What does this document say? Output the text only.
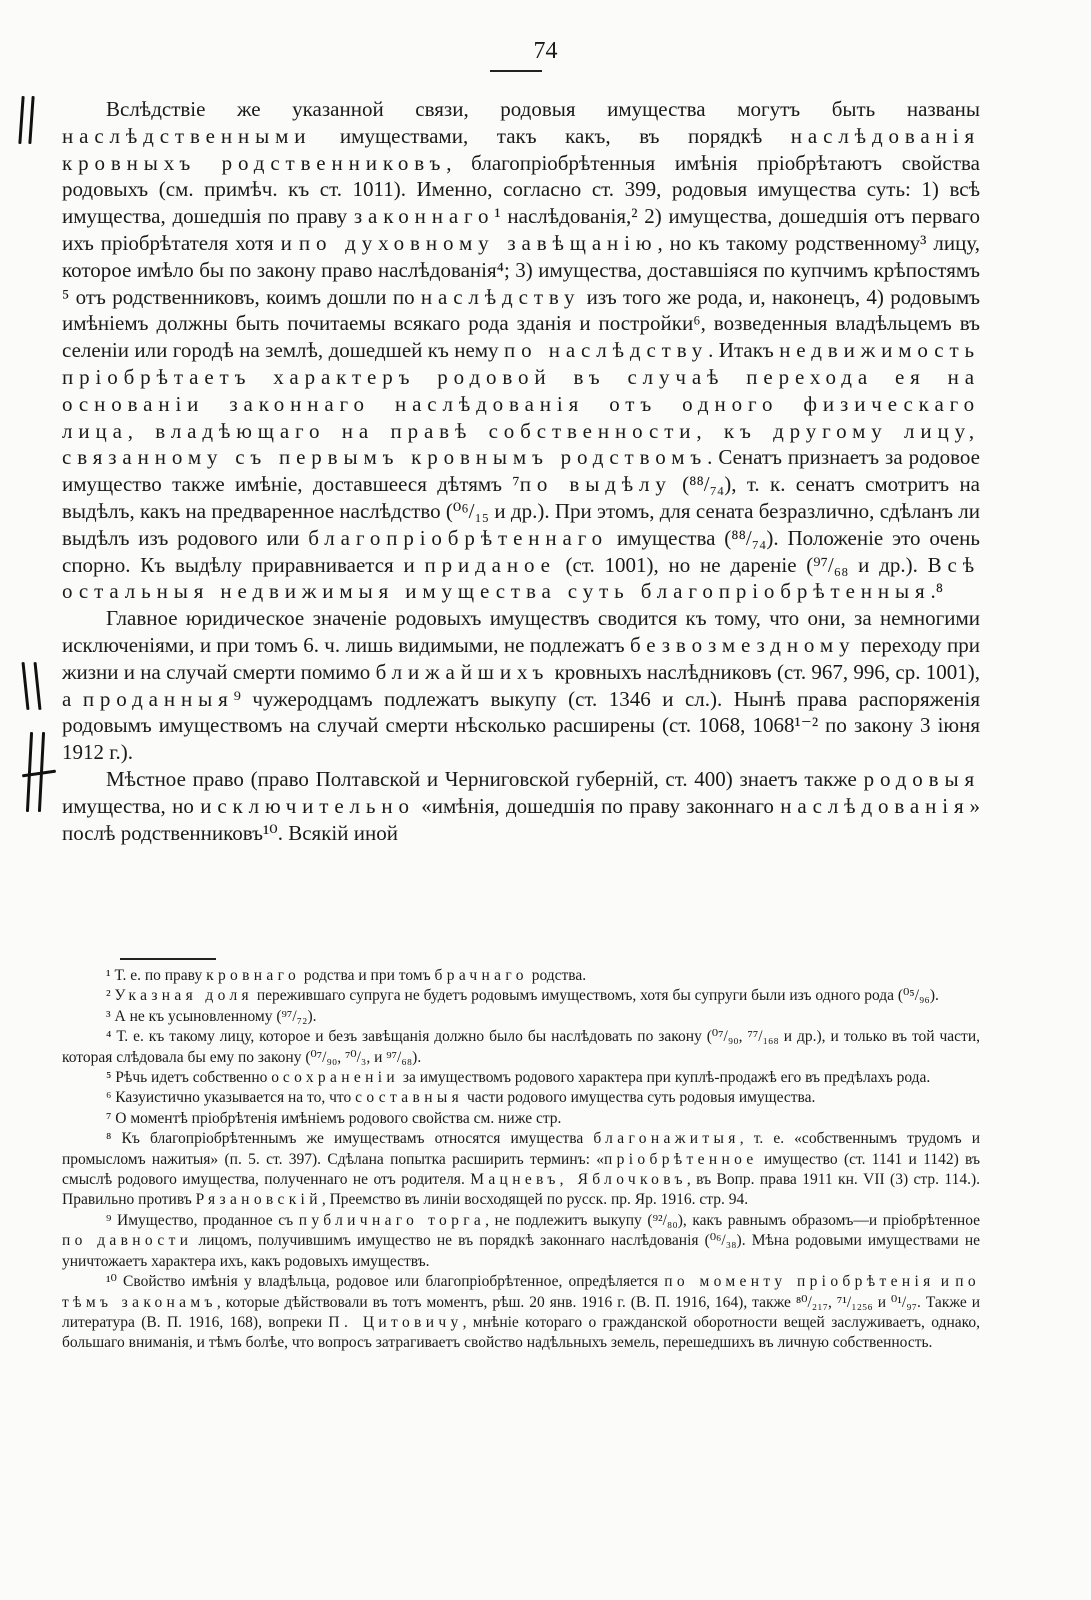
74

Вслѣдствіе же указанной связи, родовыя имущества могутъ быть названы наслѣдственными имуществами, такъ какъ, въ порядкѣ наслѣдованія кровныхъ родственниковъ, благопріобрѣтенныя имѣнія пріобрѣтаютъ свойства родовыхъ (см. примѣч. къ ст. 1011). Именно, согласно ст. 399, родовыя имущества суть: 1) всѣ имущества, дошедшія по праву законнаго¹ наслѣдованія,² 2) имущества, дошедшія отъ перваго ихъ пріобрѣтателя хотя и по духовному завѣщанію, но къ такому родственному³ лицу, которое имѣло бы по закону право наслѣдованія⁴; 3) имущества, доставшіяся по купчимъ крѣпостямъ ⁵ отъ родственниковъ, коимъ дошли по наслѣдству изъ того же рода, и, наконецъ, 4) родовымъ имѣніемъ должны быть почитаемы всякаго рода зданія и постройки⁶, возведенныя владѣльцемъ въ селеніи или городѣ на землѣ, дошедшей къ нему по наслѣдству. Итакъ недвижимость пріобрѣтаетъ характеръ родовой въ случаѣ перехода ея на основаніи законнаго наслѣдованія отъ одного физическаго лица, владѣющаго на правѣ собственности, къ другому лицу, связанному съ первымъ кровнымъ родствомъ. Сенатъ признаетъ за родовое имущество также имѣніе, доставшееся дѣтямъ ⁷по выдѣлу (⁸⁸/₇₄), т. к. сенатъ смотритъ на выдѣлъ, какъ на предваренное наслѣдство (⁰⁶/₁₅ и др.). При этомъ, для сената безразлично, сдѣланъ ли выдѣлъ изъ родового или благопріобрѣтеннаго имущества (⁸⁸/₇₄). Положеніе это очень спорно. Къ выдѣлу приравнивается и приданое (ст. 1001), но не дареніе (⁹⁷/₆₈ и др.). Всѣ остальныя недвижимыя имущества суть благопріобрѣтенныя.⁸

Главное юридическое значеніе родовыхъ имуществъ сводится къ тому, что они, за немногими исключеніями, и при томъ 6. ч. лишь видимыми, не подлежатъ безвозмездному переходу при жизни и на случай смерти помимо ближайшихъ кровныхъ наслѣдниковъ (ст. 967, 996, ср. 1001), а проданныя⁹ чужеродцамъ подлежатъ выкупу (ст. 1346 и сл.). Нынѣ права распоряженія родовымъ имуществомъ на случай смерти нѣсколько расширены (ст. 1068, 1068¹⁻² по закону 3 іюня 1912 г.).

Мѣстное право (право Полтавской и Черниговской губерній, ст. 400) знаетъ также родовыя имущества, но исключительно «имѣнія, дошедшія по праву законнаго наслѣдованія» послѣ родственниковъ¹⁰. Всякій иной

¹ Т. е. по праву кровнаго родства и при томъ брачнаго родства.

² Указная доля пережившаго супруга не будетъ родовымъ имуществомъ, хотя бы супруги были изъ одного рода (⁰⁵/₉₆).

³ А не къ усыновленному (⁹⁷/₇₂).

⁴ Т. е. къ такому лицу, которое и безъ завѣщанія должно было бы наслѣдовать по закону (⁰⁷/₉₀, ⁷⁷/₁₆₈ и др.), и только въ той части, которая слѣдовала бы ему по закону (⁰⁷/₉₀, ⁷⁰/₃, и ⁹⁷/₆₈).

⁵ Рѣчь идетъ собственно о сохраненіи за имуществомъ родового характера при куплѣ-продажѣ его въ предѣлахъ рода.

⁶ Казуистично указывается на то, что составныя части родового имущества суть родовыя имущества.

⁷ О моментѣ пріобрѣтенія имѣніемъ родового свойства см. ниже стр.

⁸ Къ благопріобрѣтеннымъ же имуществамъ относятся имущества благонажитыя, т. е. «собственнымъ трудомъ и промысломъ нажитыя» (п. 5. ст. 397). Сдѣлана попытка расширить терминъ: «пріобрѣтенное имущество (ст. 1141 и 1142) въ смыслѣ родового имущества, полученнаго не отъ родителя. Мацневъ, Яблочковъ, въ Вопр. права 1911 кн. VII (3) стр. 114.). Правильно противъ Рязановскій, Преемство въ линіи восходящей по русск. пр. Яр. 1916. стр. 94.

⁹ Имущество, проданное съ публичнаго торга, не подлежитъ выкупу (⁹²/₈₀), какъ равнымъ образомъ—и пріобрѣтенное по давности лицомъ, получившимъ имущество не въ порядкѣ законнаго наслѣдованія (⁰⁶/₃₈). Мѣна родовыми имуществами не уничтожаетъ характера ихъ, какъ родовыхъ имуществъ.

¹⁰ Свойство имѣнія у владѣльца, родовое или благопріобрѣтенное, опредѣляется по моменту пріобрѣтенія и по тѣмъ законамъ, которые дѣйствовали въ тотъ моментъ, рѣш. 20 янв. 1916 г. (В. П. 1916, 164), также ⁸⁰/₂₁₇, ⁷¹/₁₂₅₆ и ⁰¹/₉₇. Также и литература (В. П. 1916, 168), вопреки П. Цитовичу, мнѣніе котораго о гражданской оборотности вещей заслуживаетъ, однако, большаго вниманія, и тѣмъ болѣе, что вопросъ затрагиваетъ свойство надѣльныхъ земель, перешедшихъ въ личную собственность.
